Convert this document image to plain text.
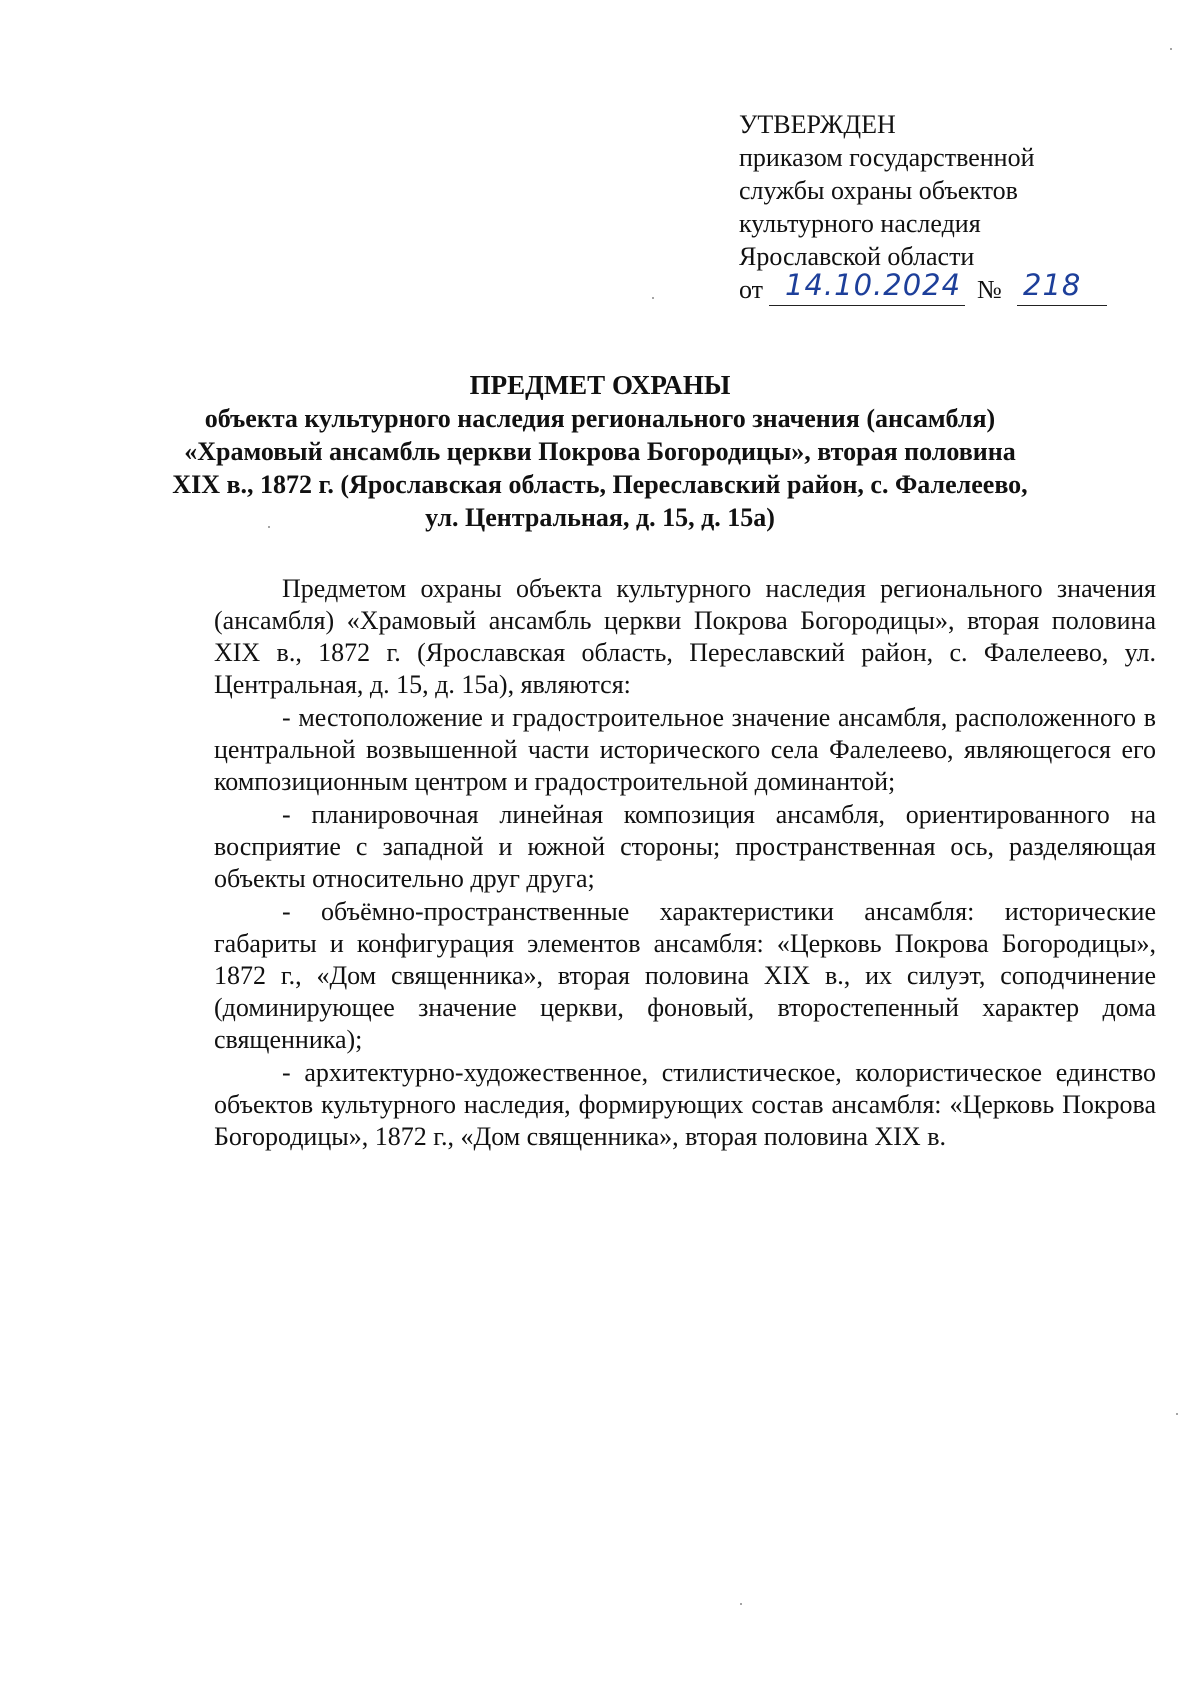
УТВЕРЖДЕН
приказом государственной
службы охраны объектов
культурного наследия
Ярославской области
от 14.10.2024 № 218
ПРЕДМЕТ ОХРАНЫ
объекта культурного наследия регионального значения (ансамбля)
«Храмовый ансамбль церкви Покрова Богородицы», вторая половина
XIX в., 1872 г. (Ярославская область, Переславский район, с. Фалелеево,
ул. Центральная, д. 15, д. 15а)

Предметом охраны объекта культурного наследия регионального значения (ансамбля) «Храмовый ансамбль церкви Покрова Богородицы», вторая половина XIX в., 1872 г. (Ярославская область, Переславский район, с. Фалелеево, ул. Центральная, д. 15, д. 15а), являются:

- местоположение и градостроительное значение ансамбля, расположенного в центральной возвышенной части исторического села Фалелеево, являющегося его композиционным центром и градостроительной доминантой;

- планировочная линейная композиция ансамбля, ориентированного на восприятие с западной и южной стороны; пространственная ось, разделяющая объекты относительно друг друга;

- объёмно-пространственные характеристики ансамбля: исторические габариты и конфигурация элементов ансамбля: «Церковь Покрова Богородицы», 1872 г., «Дом священника», вторая половина XIX в., их силуэт, соподчинение (доминирующее значение церкви, фоновый, второстепенный характер дома священника);

- архитектурно-художественное, стилистическое, колористическое единство объектов культурного наследия, формирующих состав ансамбля: «Церковь Покрова Богородицы», 1872 г., «Дом священника», вторая половина XIX в.
